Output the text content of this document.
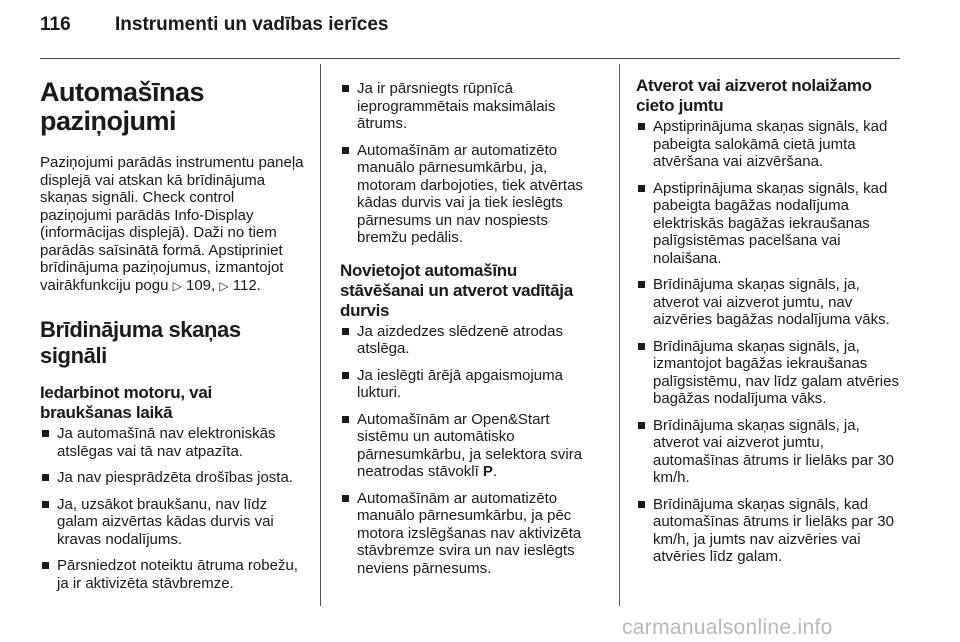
116 Instrumenti un vadības ierīces
Automašīnas
paziņojumi

Paziņojumi parādās instrumentu paneļa displejā vai atskan kā brīdinājuma skaņas signāli. Check control paziņojumi parādās Info-Display (informācijas displejā). Daži no tiem parādās saīsinātā formā. Apstipriniet brīdinājuma paziņojumus, izmantojot vairākfunkciju pogu ▷ 109, ▷ 112.

Brīdinājuma skaņas signāli
Iedarbinot motoru, vai braukšanas laikā
Ja automašīnā nav elektroniskās atslēgas vai tā nav atpazīta.
Ja nav piesprādzēta drošības josta.
Ja, uzsākot braukšanu, nav līdz galam aizvērtas kādas durvis vai kravas nodalījums.
Pārsniedzot noteiktu ātruma robežu, ja ir aktivizēta stāvbremze.
Ja ir pārsniegts rūpnīcā ieprogrammētais maksimālais ātrums.
Automašīnām ar automatizēto manuālo pārnesumkārbu, ja, motoram darbojoties, tiek atvērtas kādas durvis vai ja tiek ieslēgts pārnesums un nav nospiests bremžu pedālis.
Novietojot automašīnu stāvēšanai un atverot vadītāja durvis
Ja aizdedzes slēdzenē atrodas atslēga.
Ja ieslēgti ārējā apgaismojuma lukturi.
Automašīnām ar Open&Start sistēmu un automātisko pārnesumkārbu, ja selektora svira neatrodas stāvoklī P.
Automašīnām ar automatizēto manuālo pārnesumkārbu, ja pēc motora izslēgšanas nav aktivizēta stāvbremze svira un nav ieslēgts neviens pārnesums.
Atverot vai aizverot nolaižamo cieto jumtu
Apstiprinājuma skaņas signāls, kad pabeigta salokāmā cietā jumta atvēršana vai aizvēršana.
Apstiprinājuma skaņas signāls, kad pabeigta bagāžas nodalījuma elektriskās bagāžas iekraušanas palīgsistēmas pacelšana vai nolaišana.
Brīdinājuma skaņas signāls, ja, atverot vai aizverot jumtu, nav aizvēries bagāžas nodalījuma vāks.
Brīdinājuma skaņas signāls, ja, izmantojot bagāžas iekraušanas palīgsistēmu, nav līdz galam atvēries bagāžas nodalījuma vāks.
Brīdinājuma skaņas signāls, ja, atverot vai aizverot jumtu, automašīnas ātrums ir lielāks par 30 km/h.
Brīdinājuma skaņas signāls, kad automašīnas ātrums ir lielāks par 30 km/h, ja jumts nav aizvēries vai atvēries līdz galam.
carmanualsonline.info
